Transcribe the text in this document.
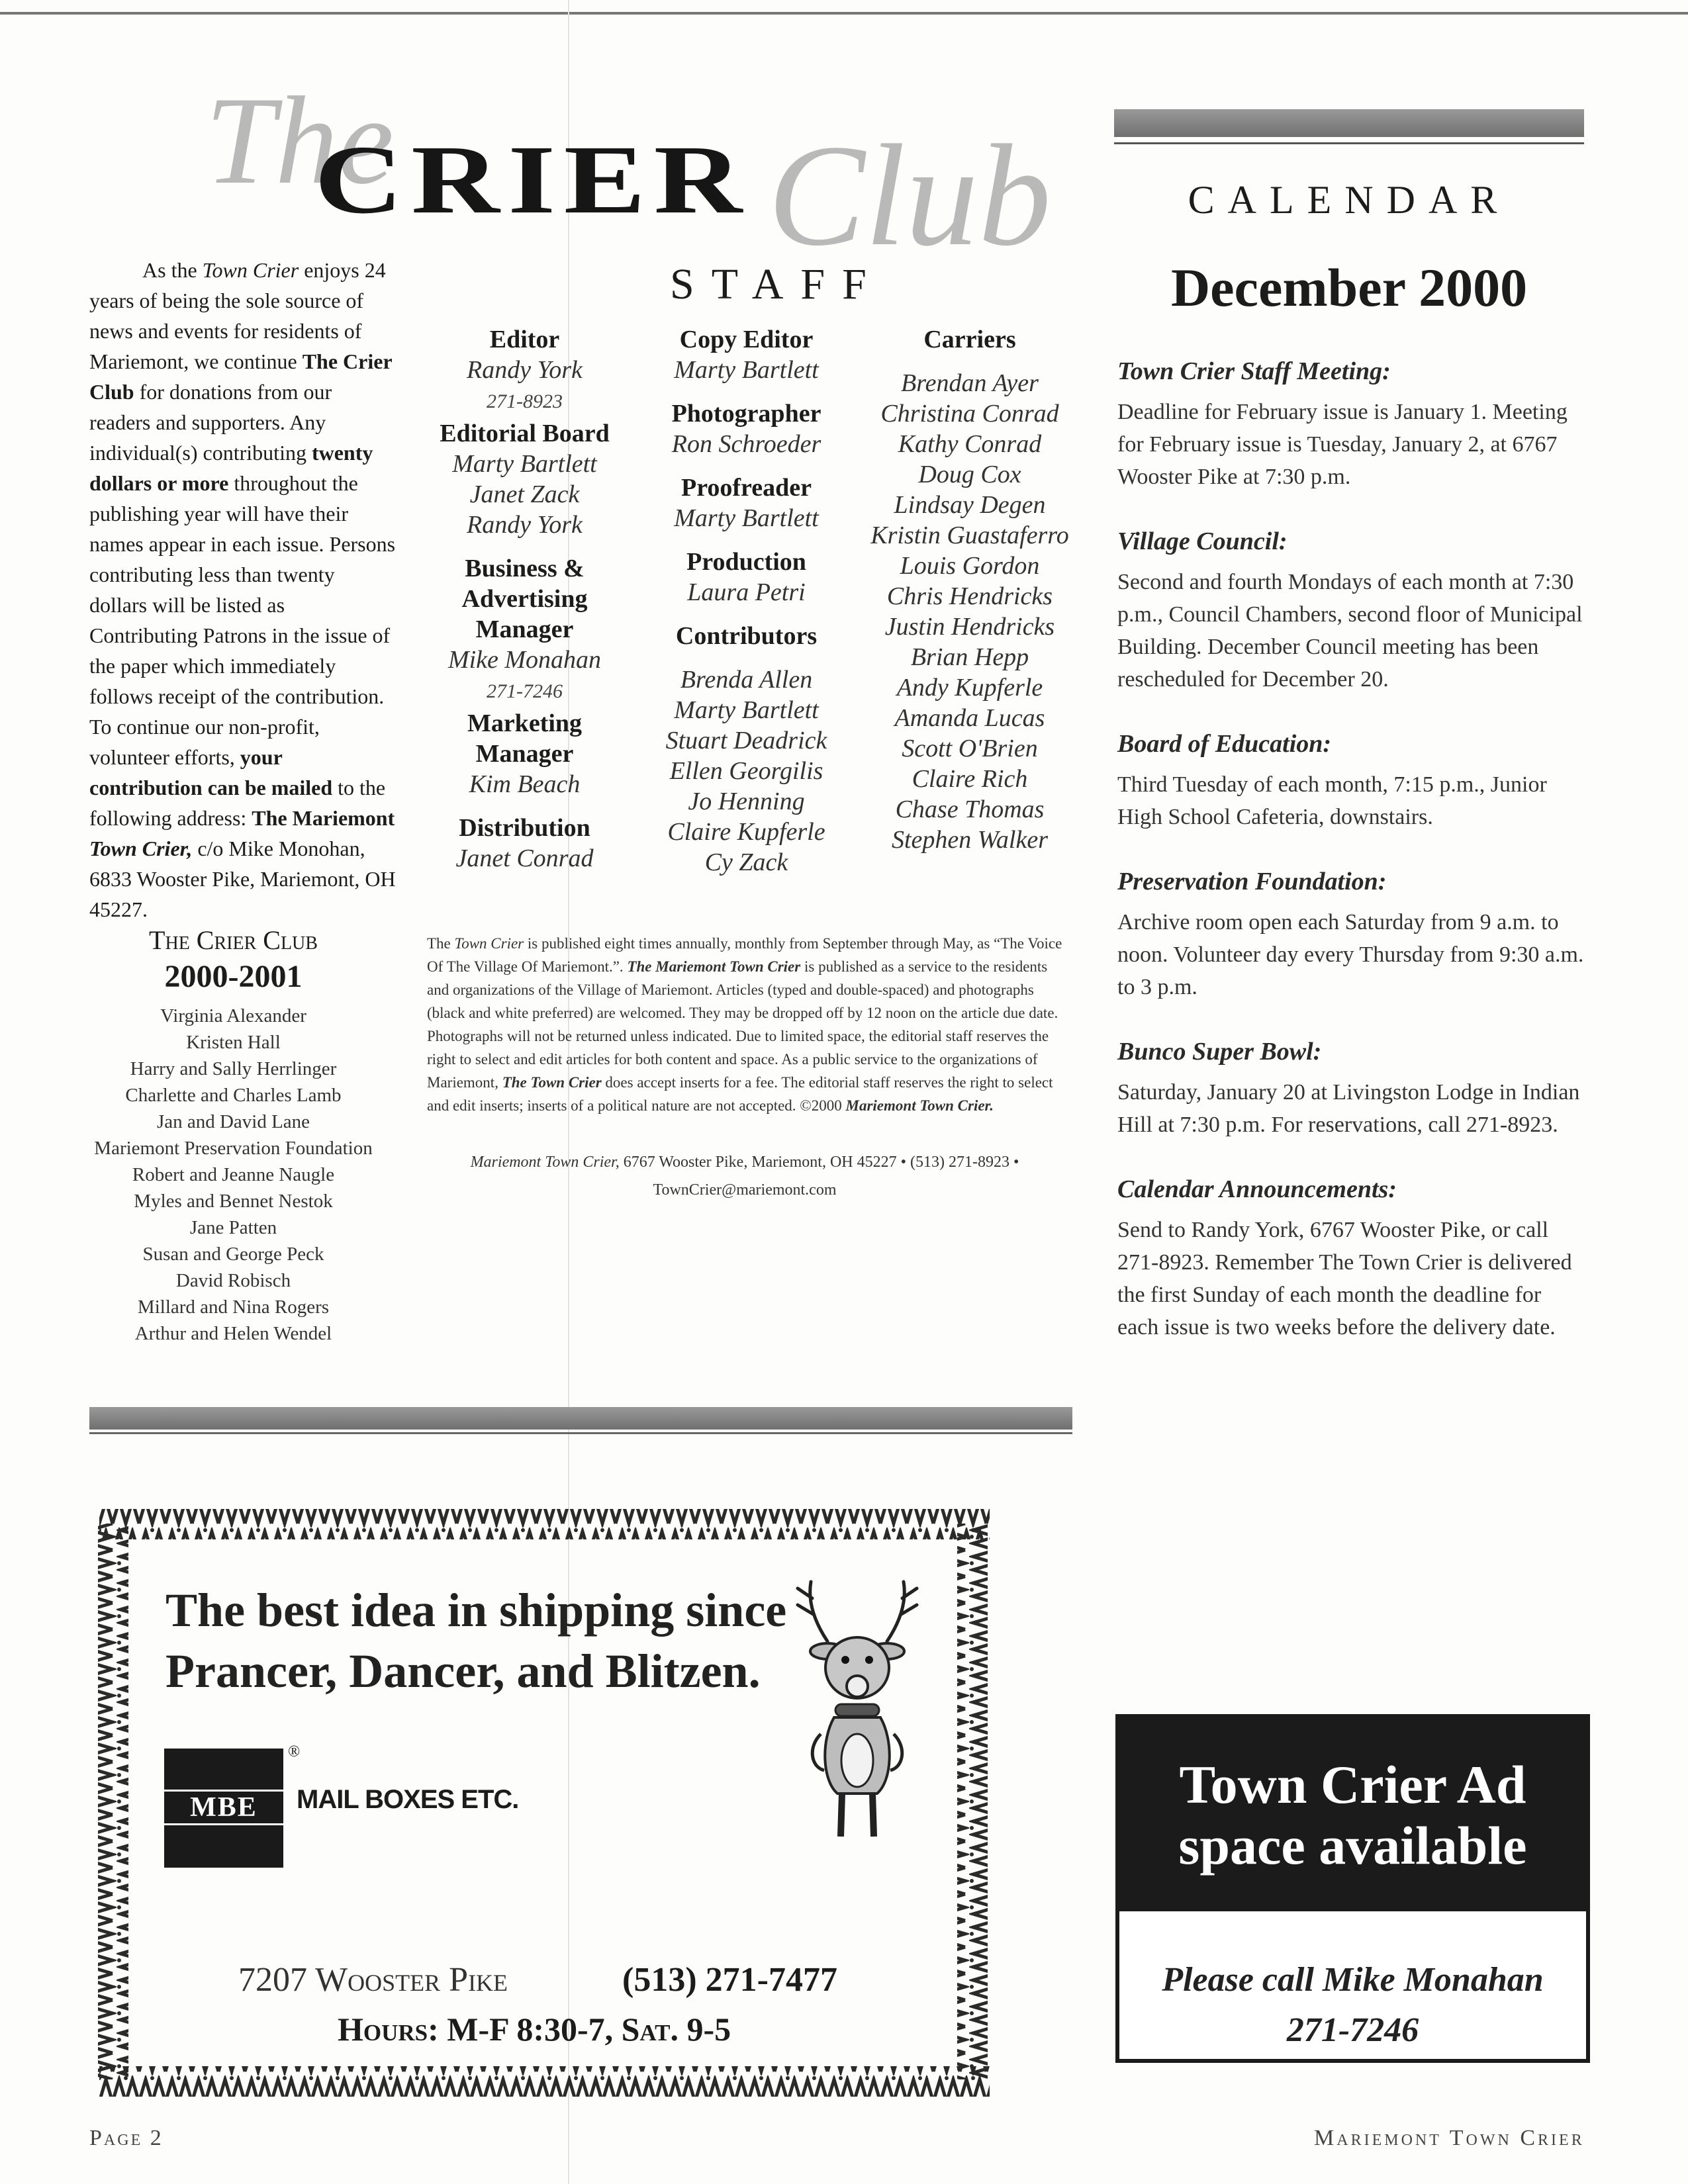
The	Club
CRIER
As the Town Crier enjoys 24 years of being the sole source of news and events for residents of Mariemont, we continue The Crier Club for donations from our readers and supporters. Any individual(s) contributing twenty dollars or more throughout the publishing year will have their names appear in each issue. Persons contributing less than twenty dollars will be listed as Contributing Patrons in the issue of the paper which immediately follows receipt of the contribution. To continue our non-profit, volunteer efforts, your contribution can be mailed to the following address: The Mariemont Town Crier, c/o Mike Monohan, 6833 Wooster Pike, Mariemont, OH 45227.
STAFF
Editor
Randy York
271-8923
Editorial Board
Marty Bartlett
Janet Zack
Randy York
Business &
Advertising
Manager
Mike Monahan
271-7246
Marketing
Manager
Kim Beach
Distribution
Janet Conrad
Copy Editor
Marty Bartlett
Photographer
Ron Schroeder
Proofreader
Marty Bartlett
Production
Laura Petri
Contributors
Brenda Allen
Marty Bartlett
Stuart Deadrick
Ellen Georgilis
Jo Henning
Claire Kupferle
Cy Zack
Carriers
Brendan Ayer
Christina Conrad
Kathy Conrad
Doug Cox
Lindsay Degen
Kristin Guastaferro
Louis Gordon
Chris Hendricks
Justin Hendricks
Brian Hepp
Andy Kupferle
Amanda Lucas
Scott O'Brien
Claire Rich
Chase Thomas
Stephen Walker
The Crier Club
2000-2001
Virginia Alexander
Kristen Hall
Harry and Sally Herrlinger
Charlette and Charles Lamb
Jan and David Lane
Mariemont Preservation Foundation
Robert and Jeanne Naugle
Myles and Bennet Nestok
Jane Patten
Susan and George Peck
David Robisch
Millard and Nina Rogers
Arthur and Helen Wendel
The Town Crier is published eight times annually, monthly from September through May, as “The Voice Of The Village Of Mariemont.”. The Mariemont Town Crier is published as a service to the residents and organizations of the Village of Mariemont. Articles (typed and double-spaced) and photographs (black and white preferred) are welcomed. They may be dropped off by 12 noon on the article due date. Photographs will not be returned unless indicated. Due to limited space, the editorial staff reserves the right to select and edit articles for both content and space. As a public service to the organizations of Mariemont, The Town Crier does accept inserts for a fee. The editorial staff reserves the right to select and edit inserts; inserts of a political nature are not accepted. ©2000 Mariemont Town Crier.
Mariemont Town Crier, 6767 Wooster Pike, Mariemont, OH 45227 • (513) 271-8923 •
TownCrier@mariemont.com
CALENDAR
December 2000
Town Crier Staff Meeting:
Deadline for February issue is January 1. Meeting for February issue is Tuesday, January 2, at 6767 Wooster Pike at 7:30 p.m.
Village Council:
Second and fourth Mondays of each month at 7:30 p.m., Council Chambers, second floor of Municipal Building. December Council meeting has been rescheduled for December 20.
Board of Education:
Third Tuesday of each month, 7:15 p.m., Junior High School Cafeteria, downstairs.
Preservation Foundation:
Archive room open each Saturday from 9 a.m. to noon. Volunteer day every Thursday from 9:30 a.m. to 3 p.m.
Bunco Super Bowl:
Saturday, January 20 at Livingston Lodge in Indian Hill at 7:30 p.m. For reservations, call 271-8923.
Calendar Announcements:
Send to Randy York, 6767 Wooster Pike, or call 271-8923. Remember The Town Crier is delivered the first Sunday of each month the deadline for each issue is two weeks before the delivery date.
The best idea in shipping since
Prancer, Dancer, and Blitzen.
MBE
®
MAIL BOXES ETC.
7207 Wooster Pike	(513) 271-7477
Hours: M-F 8:30-7, Sat. 9-5
Town Crier Ad
space available
Please call Mike Monahan
271-7246
Page 2	Mariemont Town Crier
